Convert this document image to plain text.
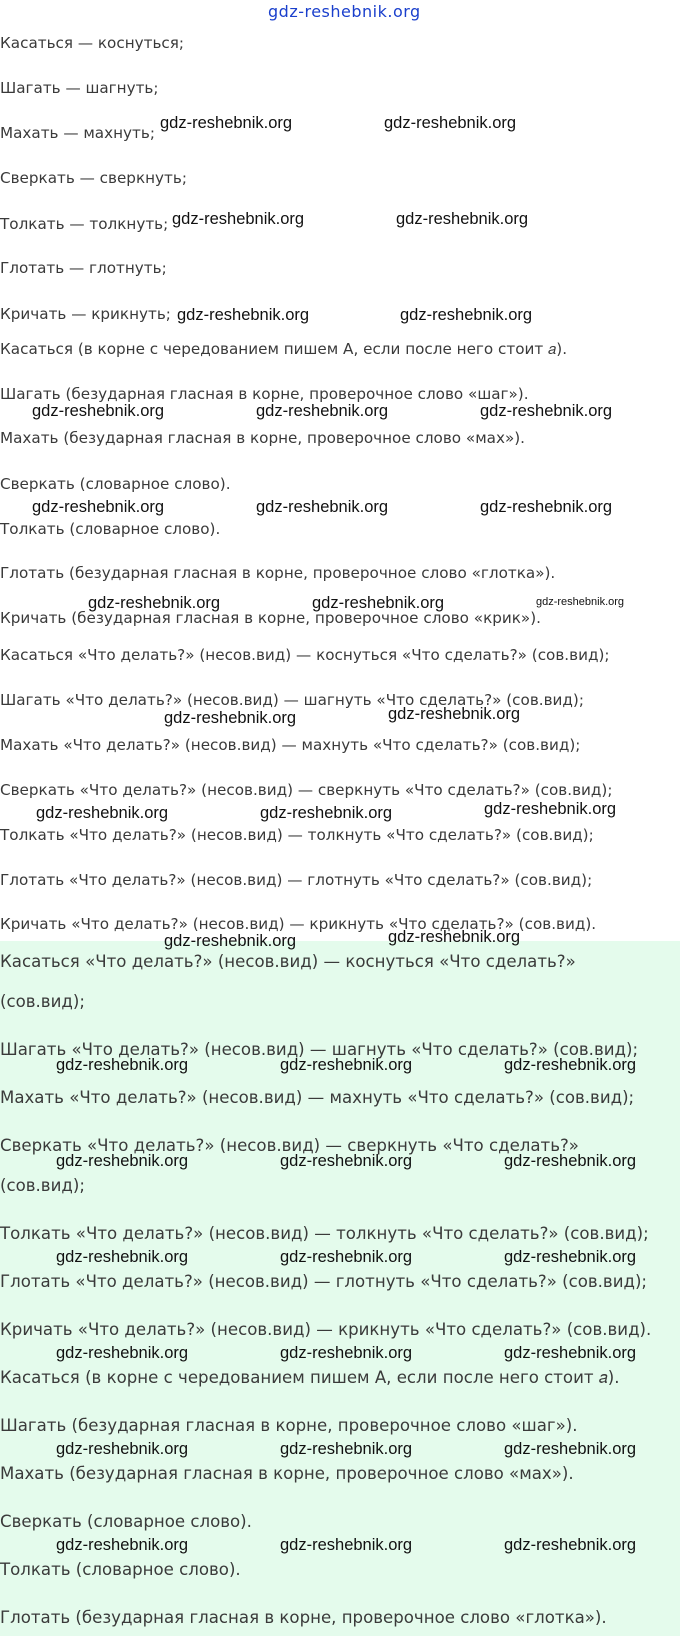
gdz-reshebnik.org
Касаться — коснуться;
Шагать — шагнуть;
Махать — махнуть;
Сверкать — сверкнуть;
Толкать — толкнуть;
Глотать — глотнуть;
Кричать — крикнуть;
Касаться (в корне с чередованием пишем А, если после него стоит 𝑎).
Шагать (безударная гласная в корне, проверочное слово «шаг»).
Махать (безударная гласная в корне, проверочное слово «мах»).
Сверкать (словарное слово).
Толкать (словарное слово).
Глотать (безударная гласная в корне, проверочное слово «глотка»).
Кричать (безударная гласная в корне, проверочное слово «крик»).
Касаться «Что делать?» (несов.вид) — коснуться «Что сделать?» (сов.вид);
Шагать «Что делать?» (несов.вид) — шагнуть «Что сделать?» (сов.вид);
Махать «Что делать?» (несов.вид) — махнуть «Что сделать?» (сов.вид);
Сверкать «Что делать?» (несов.вид) — сверкнуть «Что сделать?» (сов.вид);
Толкать «Что делать?» (несов.вид) — толкнуть «Что сделать?» (сов.вид);
Глотать «Что делать?» (несов.вид) — глотнуть «Что сделать?» (сов.вид);
Кричать «Что делать?» (несов.вид) — крикнуть «Что сделать?» (сов.вид).
Касаться «Что делать?» (несов.вид) — коснуться «Что сделать?»
(сов.вид);
Шагать «Что делать?» (несов.вид) — шагнуть «Что сделать?» (сов.вид);
Махать «Что делать?» (несов.вид) — махнуть «Что сделать?» (сов.вид);
Сверкать «Что делать?» (несов.вид) — сверкнуть «Что сделать?»
(сов.вид);
Толкать «Что делать?» (несов.вид) — толкнуть «Что сделать?» (сов.вид);
Глотать «Что делать?» (несов.вид) — глотнуть «Что сделать?» (сов.вид);
Кричать «Что делать?» (несов.вид) — крикнуть «Что сделать?» (сов.вид).
Касаться (в корне с чередованием пишем А, если после него стоит 𝑎).
Шагать (безударная гласная в корне, проверочное слово «шаг»).
Махать (безударная гласная в корне, проверочное слово «мах»).
Сверкать (словарное слово).
Толкать (словарное слово).
Глотать (безударная гласная в корне, проверочное слово «глотка»).
gdz-reshebnik.org	gdz-reshebnik.org
gdz-reshebnik.org	gdz-reshebnik.org
gdz-reshebnik.org	gdz-reshebnik.org
gdz-reshebnik.org	gdz-reshebnik.org	gdz-reshebnik.org
gdz-reshebnik.org	gdz-reshebnik.org	gdz-reshebnik.org
gdz-reshebnik.org	gdz-reshebnik.org	gdz-reshebnik.org
gdz-reshebnik.org	gdz-reshebnik.org
gdz-reshebnik.org	gdz-reshebnik.org	gdz-reshebnik.org
gdz-reshebnik.org	gdz-reshebnik.org
gdz-reshebnik.org	gdz-reshebnik.org	gdz-reshebnik.org
gdz-reshebnik.org	gdz-reshebnik.org	gdz-reshebnik.org
gdz-reshebnik.org	gdz-reshebnik.org	gdz-reshebnik.org
gdz-reshebnik.org	gdz-reshebnik.org	gdz-reshebnik.org
gdz-reshebnik.org	gdz-reshebnik.org	gdz-reshebnik.org
gdz-reshebnik.org	gdz-reshebnik.org	gdz-reshebnik.org
